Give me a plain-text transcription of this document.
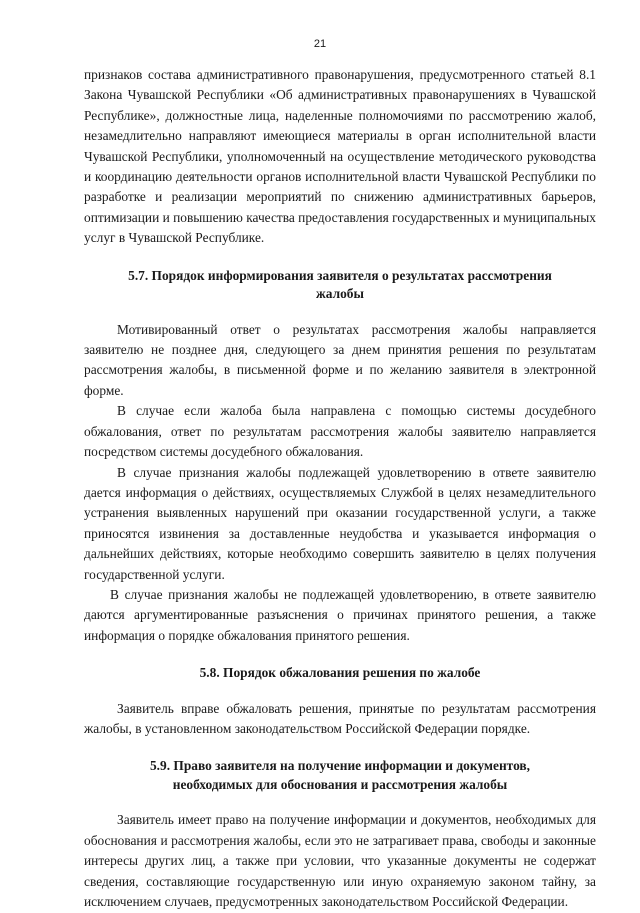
21

признаков состава административного правонарушения, предусмотренного статьей 8.1 Закона Чувашской Республики «Об административных правонарушениях в Чувашской Республике», должностные лица, наделенные полномочиями по рассмотрению жалоб, незамедлительно направляют имеющиеся материалы в орган исполнительной власти Чувашской Республики, уполномоченный на осуществление методического руководства и координацию деятельности органов исполнительной власти Чувашской Республики по разработке и реализации мероприятий по снижению административных барьеров, оптимизации и повышению качества предоставления государственных и муниципальных услуг в Чувашской Республике.

5.7. Порядок информирования заявителя о результатах рассмотрения
жалобы

Мотивированный ответ о результатах рассмотрения жалобы направляется заявителю не позднее дня, следующего за днем принятия решения по результатам рассмотрения жалобы, в письменной форме и по желанию заявителя в электронной форме.

В случае если жалоба была направлена с помощью системы досудебного обжалования, ответ по результатам рассмотрения жалобы заявителю направляется посредством системы досудебного обжалования.

В случае признания жалобы подлежащей удовлетворению в ответе заявителю дается информация о действиях, осуществляемых Службой в целях незамедлительного устранения выявленных нарушений при оказании государственной услуги, а также приносятся извинения за доставленные неудобства и указывается информация о дальнейших действиях, которые необходимо совершить заявителю в целях получения государственной услуги.

В случае признания жалобы не подлежащей удовлетворению, в ответе заявителю даются аргументированные разъяснения о причинах принятого решения, а также информация о порядке обжалования принятого решения.

5.8. Порядок обжалования решения по жалобе

Заявитель вправе обжаловать решения, принятые по результатам рассмотрения жалобы, в установленном законодательством Российской Федерации порядке.

5.9. Право заявителя на получение информации и документов,
необходимых для обоснования и рассмотрения жалобы

Заявитель имеет право на получение информации и документов, необходимых для обоснования и рассмотрения жалобы, если это не затрагивает права, свободы и законные интересы других лиц, а также при условии, что указанные документы не содержат сведения, составляющие государственную или иную охраняемую законом тайну, за исключением случаев, предусмотренных законодательством Российской Федерации.
